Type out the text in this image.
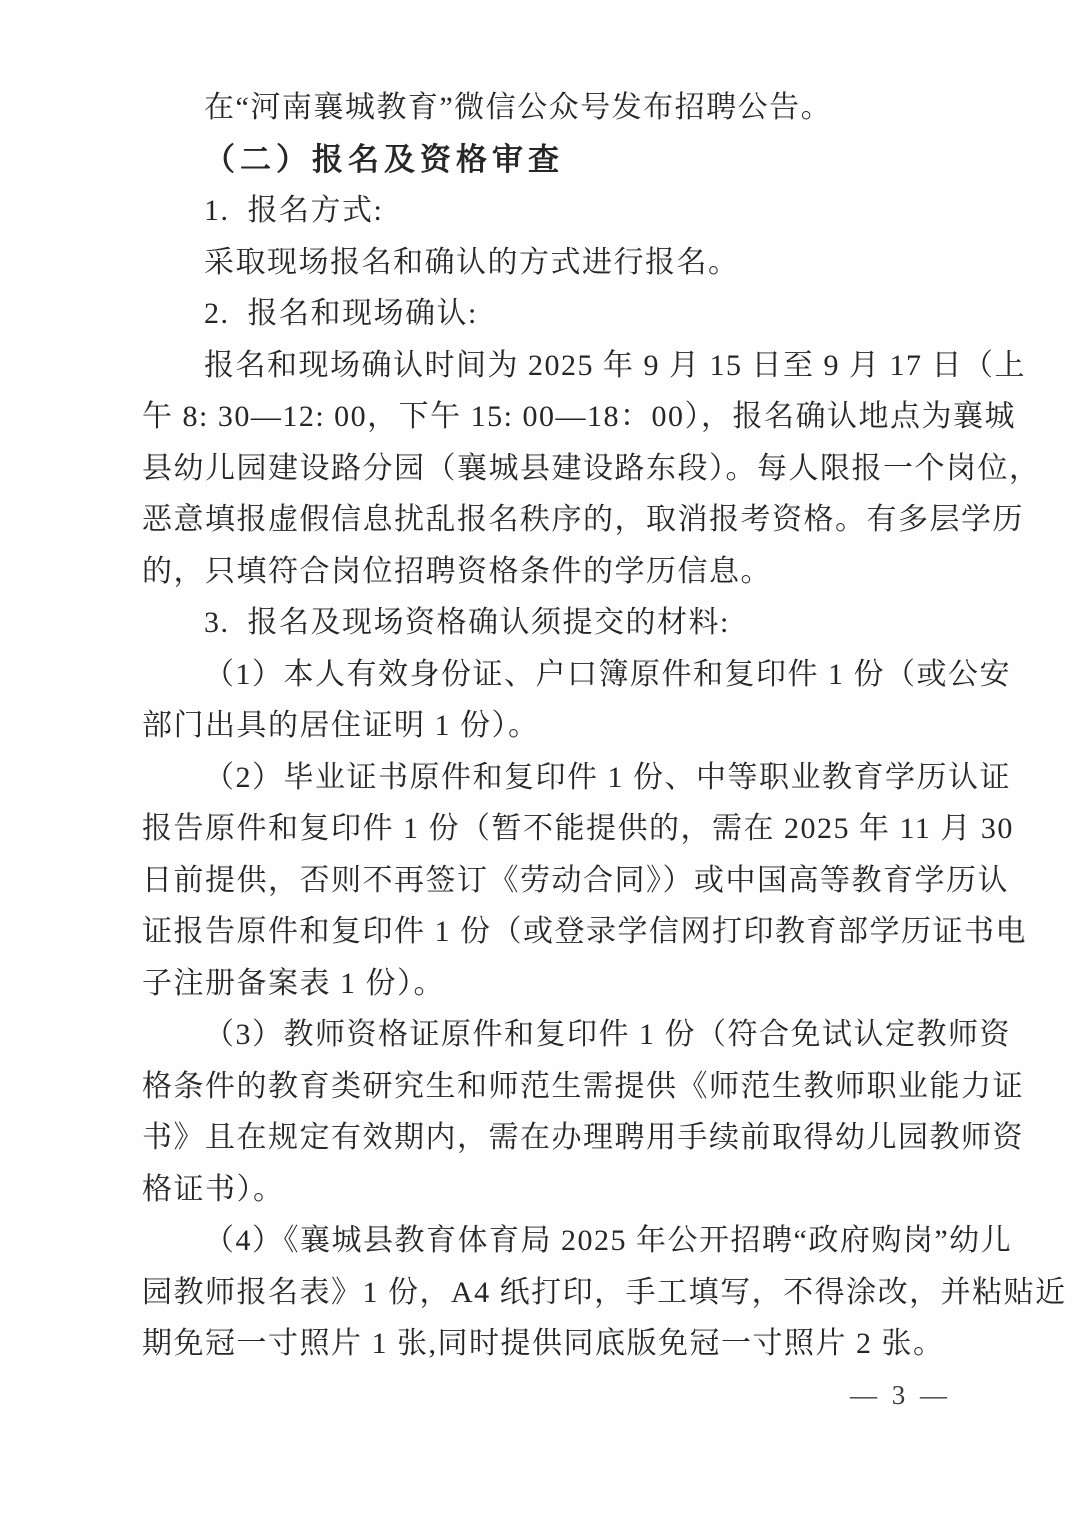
在“河南襄城教育”微信公众号发布招聘公告。
（二）报名及资格审查
1.  报名方式:
采取现场报名和确认的方式进行报名。
2.  报名和现场确认:
报名和现场确认时间为 2025 年 9 月 15 日至 9 月 17 日（上
午 8: 30—12: 00，下午 15: 00—18：00），报名确认地点为襄城
县幼儿园建设路分园（襄城县建设路东段）。每人限报一个岗位，
恶意填报虚假信息扰乱报名秩序的，取消报考资格。有多层学历
的，只填符合岗位招聘资格条件的学历信息。
3.  报名及现场资格确认须提交的材料:
（1）本人有效身份证、户口簿原件和复印件 1 份（或公安
部门出具的居住证明 1 份）。
（2）毕业证书原件和复印件 1 份、中等职业教育学历认证
报告原件和复印件 1 份（暂不能提供的，需在 2025 年 11 月 30
日前提供，否则不再签订《劳动合同》）或中国高等教育学历认
证报告原件和复印件 1 份（或登录学信网打印教育部学历证书电
子注册备案表 1 份）。
（3）教师资格证原件和复印件 1 份（符合免试认定教师资
格条件的教育类研究生和师范生需提供《师范生教师职业能力证
书》且在规定有效期内，需在办理聘用手续前取得幼儿园教师资
格证书）。
（4）《襄城县教育体育局 2025 年公开招聘“政府购岗”幼儿
园教师报名表》1 份，A4 纸打印，手工填写，不得涂改，并粘贴近
期免冠一寸照片 1 张,同时提供同底版免冠一寸照片 2 张。
— 3 —
